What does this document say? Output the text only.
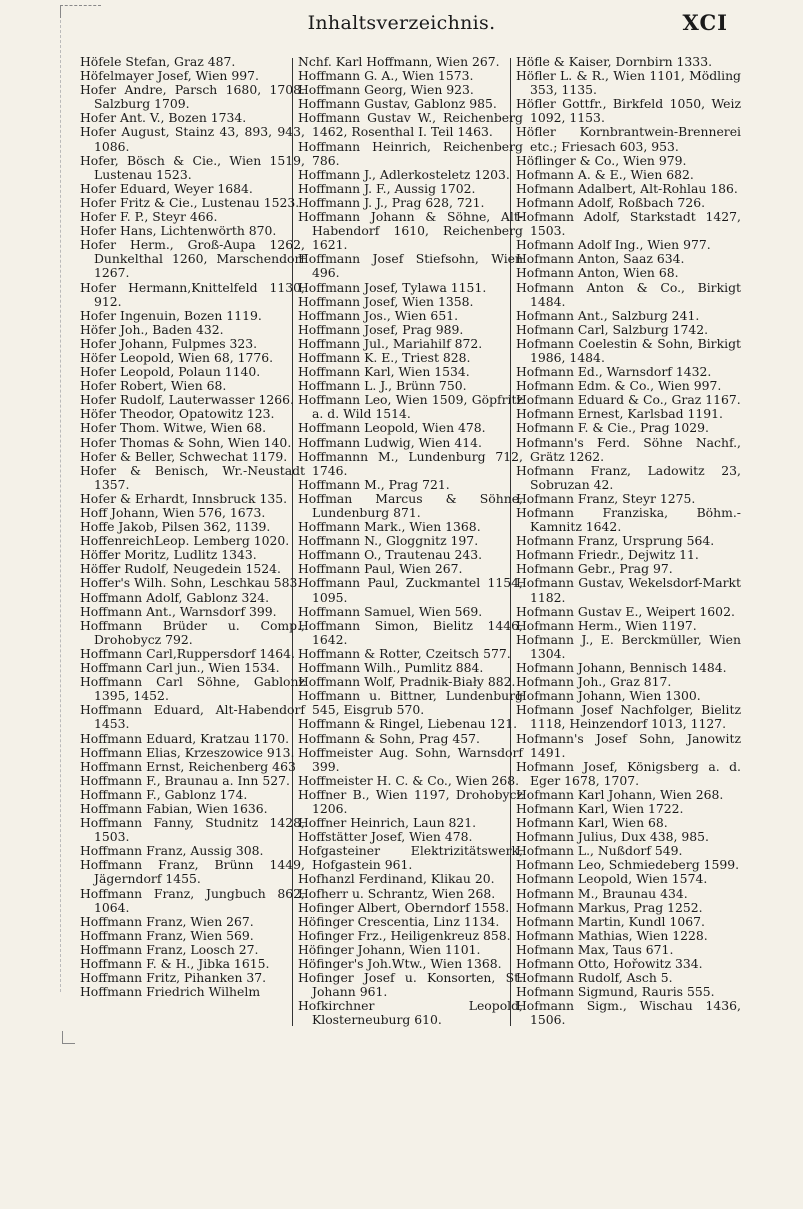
Inhaltsverzeichnis.	XCI

Höfele Stefan, Graz 487.

Höfelmayer Josef, Wien 997.

Hofer Andre, Parsch 1680, 1708. Salzburg 1709.

Hofer Ant. V., Bozen 1734.

Hofer August, Stainz 43, 893, 943, 1086.

Hofer, Bösch & Cie., Wien 1519, Lustenau 1523.

Hofer Eduard, Weyer 1684.

Hofer Fritz & Cie., Lustenau 1523.

Hofer F. P., Steyr 466.

Hofer Hans, Lichtenwörth 870.

Hofer Herm., Groß-Aupa 1262, Dunkelthal 1260, Marschendorf 1267.

Hofer Hermann,Knittelfeld 1130, 912.

Hofer Ingenuin, Bozen 1119.

Höfer Joh., Baden 432.

Hofer Johann, Fulpmes 323.

Höfer Leopold, Wien 68, 1776.

Hofer Leopold, Polaun 1140.

Hofer Robert, Wien 68.

Hofer Rudolf, Lauterwasser 1266.

Höfer Theodor, Opatowitz 123.

Hofer Thom. Witwe, Wien 68.

Hofer Thomas & Sohn, Wien 140.

Hofer & Beller, Schwechat 1179.

Hofer & Benisch, Wr.-Neustadt 1357.

Hofer & Erhardt, Innsbruck 135.

Hoff Johann, Wien 576, 1673.

Hoffe Jakob, Pilsen 362, 1139.

HoffenreichLeop. Lemberg 1020.

Höffer Moritz, Ludlitz 1343.

Höffer Rudolf, Neugedein 1524.

Hoffer's Wilh. Sohn, Leschkau 583.

Hoffmann Adolf, Gablonz 324.

Hoffmann Ant., Warnsdorf 399.

Hoffmann Brüder u. Comp., Drohobycz 792.

Hoffmann Carl,Ruppersdorf 1464.

Hoffmann Carl jun., Wien 1534.

Hoffmann Carl Söhne, Gablonz 1395, 1452.

Hoffmann Eduard, Alt-Habendorf 1453.

Hoffmann Eduard, Kratzau 1170.

Hoffmann Elias, Krzeszowice 913.

Hoffmann Ernst, Reichenberg 463

Hoffmann F., Braunau a. Inn 527.

Hoffmann F., Gablonz 174.

Hoffmann Fabian, Wien 1636.

Hoffmann Fanny, Studnitz 1428, 1503.

Hoffmann Franz, Aussig 308.

Hoffmann Franz, Brünn 1449, Jägerndorf 1455.

Hoffmann Franz, Jungbuch 862, 1064.

Hoffmann Franz, Wien 267.

Hoffmann Franz, Wien 569.

Hoffmann Franz, Loosch 27.

Hoffmann F. & H., Jibka 1615.

Hoffmann Fritz, Pihanken 37.

Hoffmann Friedrich Wilhelm

Nchf. Karl Hoffmann, Wien 267.

Hoffmann G. A., Wien 1573.

Hoffmann Georg, Wien 923.

Hoffmann Gustav, Gablonz 985.

Hoffmann Gustav W., Reichenberg 1462, Rosenthal I. Teil 1463.

Hoffmann Heinrich, Reichenberg 786.

Hoffmann J., Adlerkosteletz 1203.

Hoffmann J. F., Aussig 1702.

Hoffmann J. J., Prag 628, 721.

Hoffmann Johann & Söhne, Alt-Habendorf 1610, Reichenberg 1621.

Hoffmann Josef Stiefsohn, Wien 496.

Hoffmann Josef, Tylawa 1151.

Hoffmann Josef, Wien 1358.

Hoffmann Jos., Wien 651.

Hoffmann Josef, Prag 989.

Hoffmann Jul., Mariahilf 872.

Hoffmann K. E., Triest 828.

Hoffmann Karl, Wien 1534.

Hoffmann L. J., Brünn 750.

Hoffmann Leo, Wien 1509, Göpfritz a. d. Wild 1514.

Hoffmann Leopold, Wien 478.

Hoffmann Ludwig, Wien 414.

Hoffmannn M., Lundenburg 712, 1746.

Hoffmann M., Prag 721.

Hoffman Marcus & Söhne, Lundenburg 871.

Hoffmann Mark., Wien 1368.

Hoffmann N., Gloggnitz 197.

Hoffmann O., Trautenau 243.

Hoffmann Paul, Wien 267.

Hoffmann Paul, Zuckmantel 1154, 1095.

Hoffmann Samuel, Wien 569.

Hoffmann Simon, Bielitz 1446, 1642.

Hoffmann & Rotter, Czeitsch 577.

Hoffmann Wilh., Pumlitz 884.

Hoffmann Wolf, Pradnik-Biały 882.

Hoffmann u. Bittner, Lundenburg 545, Eisgrub 570.

Hoffmann & Ringel, Liebenau 121.

Hoffmann & Sohn, Prag 457.

Hoffmeister Aug. Sohn, Warnsdorf 399.

Hoffmeister H. C. & Co., Wien 268.

Hoffner B., Wien 1197, Drohobycz 1206.

Hoffner Heinrich, Laun 821.

Hoffstätter Josef, Wien 478.

Hofgasteiner Elektrizitätswerk, Hofgastein 961.

Hofhanzl Ferdinand, Klikau 20.

Hofherr u. Schrantz, Wien 268.

Hofinger Albert, Oberndorf 1558.

Höfinger Crescentia, Linz 1134.

Hofinger Frz., Heiligenkreuz 858.

Höfinger Johann, Wien 1101.

Höfinger's Joh.Wtw., Wien 1368.

Hofinger Josef u. Konsorten, St. Johann 961.

Hofkirchner Leopold, Klosterneuburg 610.

Höfle & Kaiser, Dornbirn 1333.

Höfler L. & R., Wien 1101, Mödling 353, 1135.

Höfler Gottfr., Birkfeld 1050, Weiz 1092, 1153.

Höfler Kornbrantwein-Brennerei etc.; Friesach 603, 953.

Höflinger & Co., Wien 979.

Hofmann A. & E., Wien 682.

Hofmann Adalbert, Alt-Rohlau 186.

Hofmann Adolf, Roßbach 726.

Hofmann Adolf, Starkstadt 1427, 1503.

Hofmann Adolf Ing., Wien 977.

Hofmann Anton, Saaz 634.

Hofmann Anton, Wien 68.

Hofmann Anton & Co., Birkigt 1484.

Hofmann Ant., Salzburg 241.

Hofmann Carl, Salzburg 1742.

Hofmann Coelestin & Sohn, Birkigt 1986, 1484.

Hofmann Ed., Warnsdorf 1432.

Hofmann Edm. & Co., Wien 997.

Hofmann Eduard & Co., Graz 1167.

Hofmann Ernest, Karlsbad 1191.

Hofmann F. & Cie., Prag 1029.

Hofmann's Ferd. Söhne Nachf., Grätz 1262.

Hofmann Franz, Ladowitz 23, Sobruzan 42.

Hofmann Franz, Steyr 1275.

Hofmann Franziska, Böhm.-Kamnitz 1642.

Hofmann Franz, Ursprung 564.

Hofmann Friedr., Dejwitz 11.

Hofmann Gebr., Prag 97.

Hofmann Gustav, Wekelsdorf-Markt 1182.

Hofmann Gustav E., Weipert 1602.

Hofmann Herm., Wien 1197.

Hofmann J., E. Berckmüller, Wien 1304.

Hofmann Johann, Bennisch 1484.

Hofmann Joh., Graz 817.

Hofmann Johann, Wien 1300.

Hofmann Josef Nachfolger, Bielitz 1118, Heinzendorf 1013, 1127.

Hofmann's Josef Sohn, Janowitz 1491.

Hofmann Josef, Königsberg a. d. Eger 1678, 1707.

Hofmann Karl Johann, Wien 268.

Hofmann Karl, Wien 1722.

Hofmann Karl, Wien 68.

Hofmann Julius, Dux 438, 985.

Hofmann L., Nußdorf 549.

Hofmann Leo, Schmiedeberg 1599.

Hofmann Leopold, Wien 1574.

Hofmann M., Braunau 434.

Hofmann Markus, Prag 1252.

Hofmann Martin, Kundl 1067.

Hofmann Mathias, Wien 1228.

Hofmann Max, Taus 671.

Hofmann Otto, Hořowitz 334.

Hofmann Rudolf, Asch 5.

Hofmann Sigmund, Rauris 555.

Hofmann Sigm., Wischau 1436, 1506.
